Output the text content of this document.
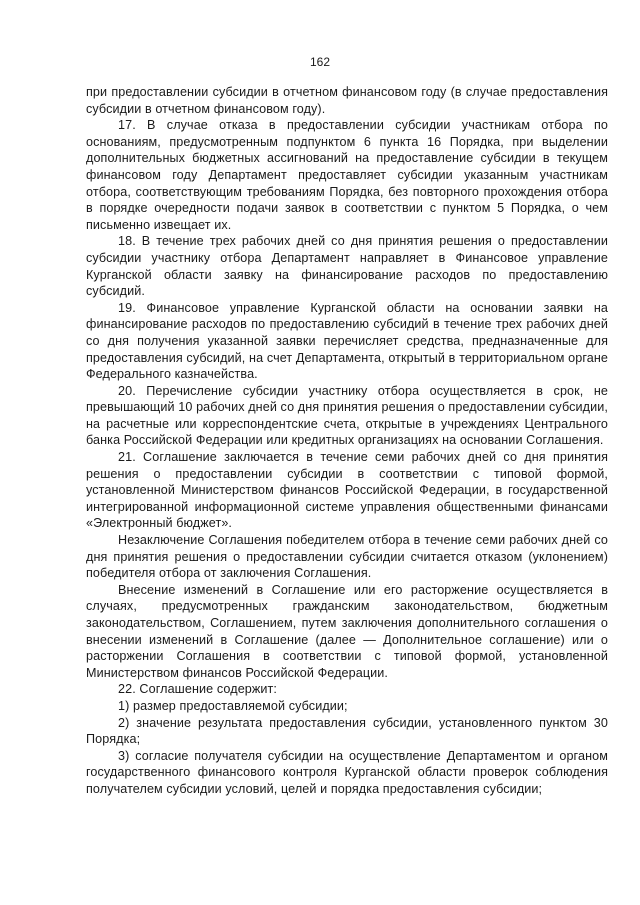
162

при предоставлении субсидии в отчетном финансовом году (в случае предоставления субсидии в отчетном финансовом году).

17. В случае отказа в предоставлении субсидии участникам отбора по основаниям, предусмотренным подпунктом 6 пункта 16 Порядка, при выделении дополнительных бюджетных ассигнований на предоставление субсидии в текущем финансовом году Департамент предоставляет субсидии указанным участникам отбора, соответствующим требованиям Порядка, без повторного прохождения отбора в порядке очередности подачи заявок в соответствии с пунктом 5 Порядка, о чем письменно извещает их.

18. В течение трех рабочих дней со дня принятия решения о предоставлении субсидии участнику отбора Департамент направляет в Финансовое управление Курганской области заявку на финансирование расходов по предоставлению субсидий.

19. Финансовое управление Курганской области на основании заявки на финансирование расходов по предоставлению субсидий в течение трех рабочих дней со дня получения указанной заявки перечисляет средства, предназначенные для предоставления субсидий, на счет Департамента, открытый в территориальном органе Федерального казначейства.

20. Перечисление субсидии участнику отбора осуществляется в срок, не превышающий 10 рабочих дней со дня принятия решения о предоставлении субсидии, на расчетные или корреспондентские счета, открытые в учреждениях Центрального банка Российской Федерации или кредитных организациях на основании Соглашения.

21. Соглашение заключается в течение семи рабочих дней со дня принятия решения о предоставлении субсидии в соответствии с типовой формой, установленной Министерством финансов Российской Федерации, в государственной интегрированной информационной системе управления общественными финансами «Электронный бюджет».

Незаключение Соглашения победителем отбора в течение семи рабочих дней со дня принятия решения о предоставлении субсидии считается отказом (уклонением) победителя отбора от заключения Соглашения.

Внесение изменений в Соглашение или его расторжение осуществляется в случаях, предусмотренных гражданским законодательством, бюджетным законодательством, Соглашением, путем заключения дополнительного соглашения о внесении изменений в Соглашение (далее — Дополнительное соглашение) или о расторжении Соглашения в соответствии с типовой формой, установленной Министерством финансов Российской Федерации.

22. Соглашение содержит:

1) размер предоставляемой субсидии;

2) значение результата предоставления субсидии, установленного пунктом 30 Порядка;

3) согласие получателя субсидии на осуществление Департаментом и органом государственного финансового контроля Курганской области проверок соблюдения получателем субсидии условий, целей и порядка предоставления субсидии;
